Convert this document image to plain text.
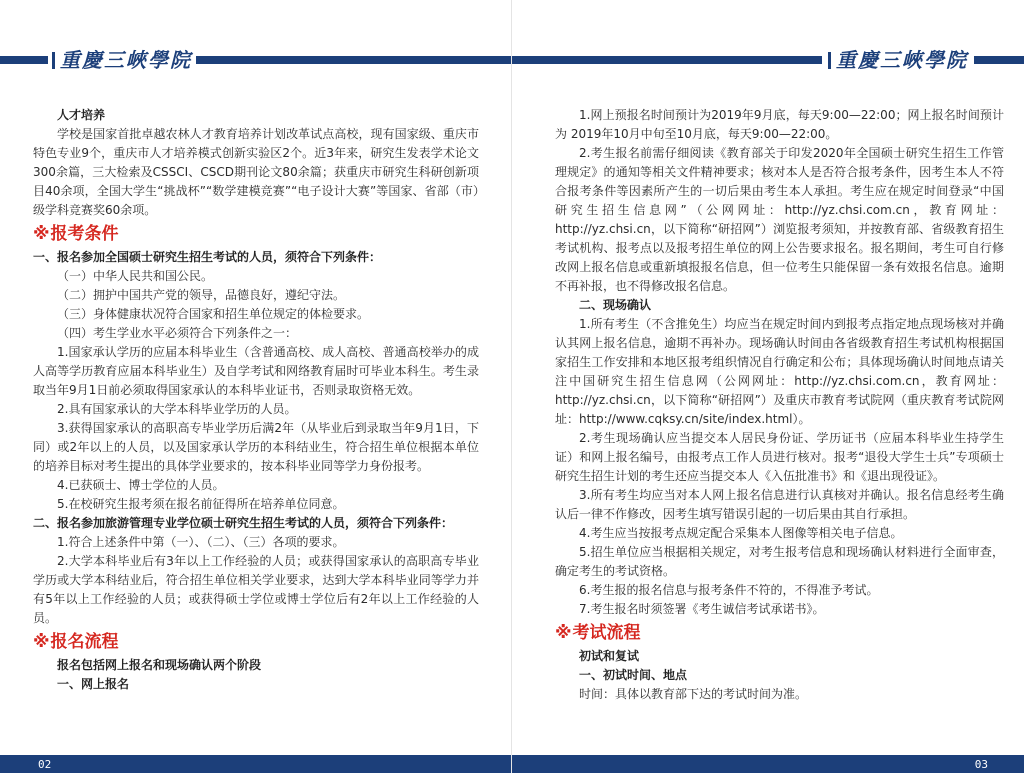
重慶三峽學院

人才培养

学校是国家首批卓越农林人才教育培养计划改革试点高校，现有国家级、重庆市特色专业9个，重庆市人才培养模式创新实验区2个。近3年来，研究生发表学术论文300余篇，三大检索及CSSCI、CSCD期刊论文80余篇；获重庆市研究生科研创新项目40余项，全国大学生“挑战杯”“数学建模竞赛”“电子设计大赛”等国家、省部（市）级学科竞赛奖60余项。

※报考条件

一、报名参加全国硕士研究生招生考试的人员，须符合下列条件：

（一）中华人民共和国公民。

（二）拥护中国共产党的领导，品德良好，遵纪守法。

（三）身体健康状况符合国家和招生单位规定的体检要求。

（四）考生学业水平必须符合下列条件之一：

1.国家承认学历的应届本科毕业生（含普通高校、成人高校、普通高校举办的成人高等学历教育应届本科毕业生）及自学考试和网络教育届时可毕业本科生。考生录取当年9月1日前必须取得国家承认的本科毕业证书，否则录取资格无效。

2.具有国家承认的大学本科毕业学历的人员。

3.获得国家承认的高职高专毕业学历后满2年（从毕业后到录取当年9月1日，下同）或2年以上的人员，以及国家承认学历的本科结业生，符合招生单位根据本单位的培养目标对考生提出的具体学业要求的，按本科毕业同等学力身份报考。

4.已获硕士、博士学位的人员。

5.在校研究生报考须在报名前征得所在培养单位同意。

二、报名参加旅游管理专业学位硕士研究生招生考试的人员，须符合下列条件：

1.符合上述条件中第（一）、（二）、（三）各项的要求。

2.大学本科毕业后有3年以上工作经验的人员；或获得国家承认的高职高专毕业学历或大学本科结业后，符合招生单位相关学业要求，达到大学本科毕业同等学力并有5年以上工作经验的人员；或获得硕士学位或博士学位后有2年以上工作经验的人员。

※报名流程

报名包括网上报名和现场确认两个阶段

一、网上报名

02
重慶三峽學院

1.网上预报名时间预计为2019年9月底，每天9:00—22:00；网上报名时间预计为 2019年10月中旬至10月底，每天9:00—22:00。

2.考生报名前需仔细阅读《教育部关于印发2020年全国硕士研究生招生工作管理规定》的通知等相关文件精神要求；核对本人是否符合报考条件，因考生本人不符合报考条件等因素所产生的一切后果由考生本人承担。考生应在规定时间登录“中国研究生招生信息网”（公网网址：http://yz.chsi.com.cn，教育网址：http://yz.chsi.cn，以下简称“研招网”）浏览报考须知，并按教育部、省级教育招生考试机构、报考点以及报考招生单位的网上公告要求报名。报名期间，考生可自行修改网上报名信息或重新填报报名信息，但一位考生只能保留一条有效报名信息。逾期不再补报，也不得修改报名信息。

二、现场确认

1.所有考生（不含推免生）均应当在规定时间内到报考点指定地点现场核对并确认其网上报名信息，逾期不再补办。现场确认时间由各省级教育招生考试机构根据国家招生工作安排和本地区报考组织情况自行确定和公布；具体现场确认时间地点请关注中国研究生招生信息网（公网网址：http://yz.chsi.com.cn，教育网址：http://yz.chsi.cn，以下简称“研招网”）及重庆市教育考试院网（重庆教育考试院网址：http://www.cqksy.cn/site/index.html）。

2.考生现场确认应当提交本人居民身份证、学历证书（应届本科毕业生持学生证）和网上报名编号，由报考点工作人员进行核对。报考“退役大学生士兵”专项硕士研究生招生计划的考生还应当提交本人《入伍批准书》和《退出现役证》。

3.所有考生均应当对本人网上报名信息进行认真核对并确认。报名信息经考生确认后一律不作修改，因考生填写错误引起的一切后果由其自行承担。

4.考生应当按报考点规定配合采集本人图像等相关电子信息。

5.招生单位应当根据相关规定，对考生报考信息和现场确认材料进行全面审查，确定考生的考试资格。

6.考生报的报名信息与报考条件不符的，不得准予考试。

7.考生报名时须签署《考生诚信考试承诺书》。

※考试流程

初试和复试

一、初试时间、地点

时间：具体以教育部下达的考试时间为准。

03
